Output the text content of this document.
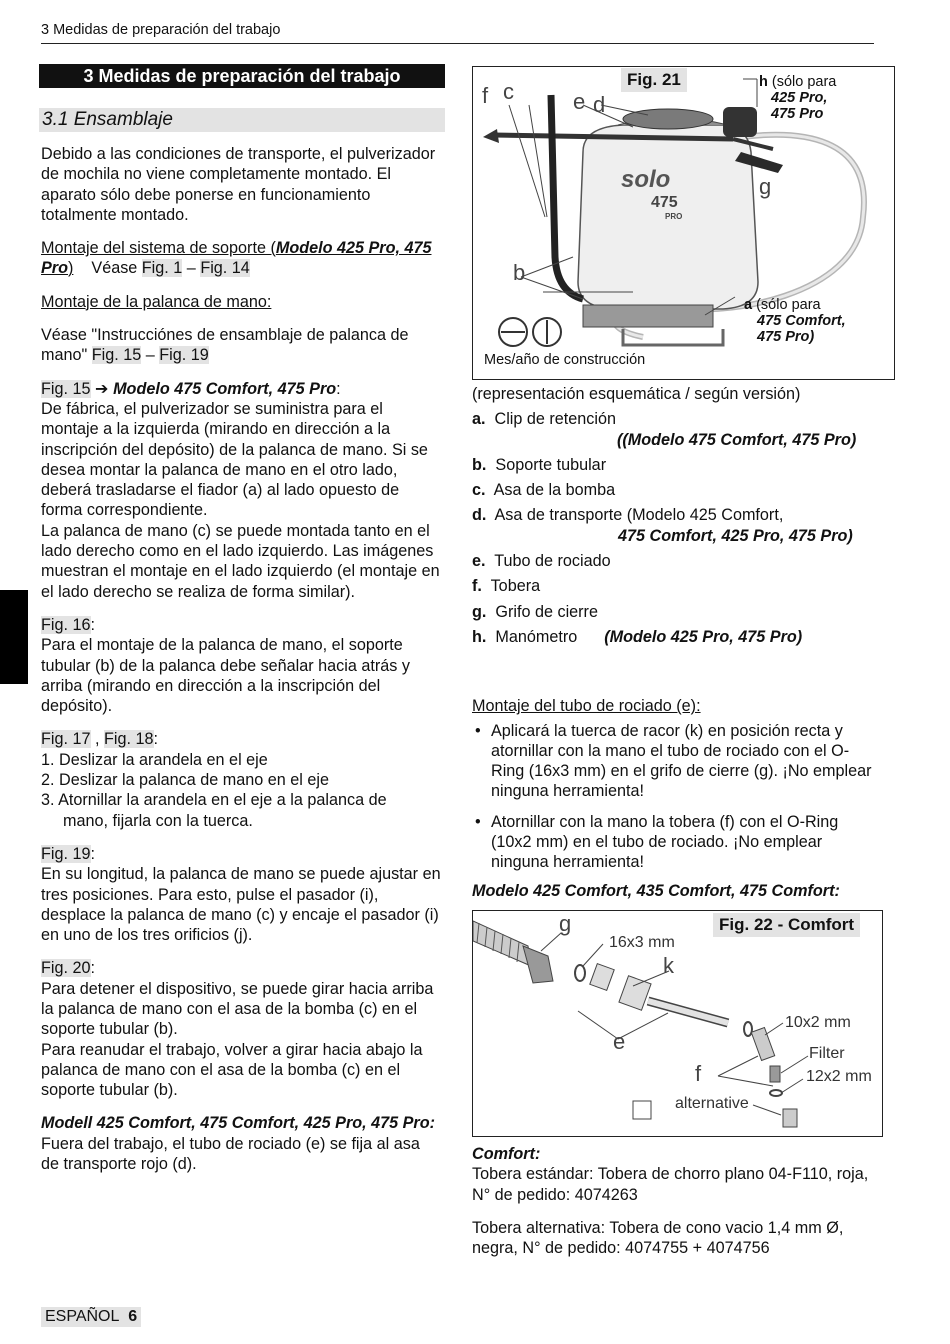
3 Medidas de preparación del trabajo
3 Medidas de preparación del trabajo
3.1 Ensamblaje

Debido a las condiciones de transporte, el pulverizador de mochila no viene completamente montado. El aparato sólo debe ponerse en funcionamiento totalmente montado.

Montaje del sistema de soporte (Modelo 425 Pro, 475 Pro) Véase Fig. 1 – Fig. 14

Montaje de la palanca de mano:

Véase "Instrucciónes de ensamblaje de palanca de mano" Fig. 15 – Fig. 19

Fig. 15 ➔ Modelo 475 Comfort, 475 Pro:
De fábrica, el pulverizador se suministra para el montaje a la izquierda (mirando en dirección a la inscripción del depósito) de la palanca de mano. Si se desea montar la palanca de mano en el otro lado, deberá trasladarse el fiador (a) al lado opuesto de forma correspondiente.
La palanca de mano (c) se puede montada tanto en el lado derecho como en el lado izquierdo. Las imágenes muestran el montaje en el lado izquierdo (el montaje en el lado derecho se realiza de forma similar).

Fig. 16:
Para el montaje de la palanca de mano, el soporte tubular (b) de la palanca debe señalar hacia atrás y arriba (mirando en dirección a la inscripción del depósito).

Fig. 17 , Fig. 18:
1. Deslizar la arandela en el eje
2. Deslizar la palanca de mano en el eje
3. Atornillar la arandela en el eje a la palanca de
mano, fijarla con la tuerca.

Fig. 19:
En su longitud, la palanca de mano se puede ajustar en tres posiciones. Para esto, pulse el pasador (i), desplace la palanca de mano (c) y encaje el pasador (i) en uno de los tres orificios (j).

Fig. 20:
Para detener el dispositivo, se puede girar hacia arriba la palanca de mano con el asa de la bomba (c) en el soporte tubular (b).
Para reanudar el trabajo, volver a girar hacia abajo la palanca de mano con el asa de la bomba (c) en el soporte tubular (b).

Modell 425 Comfort, 475 Comfort, 425 Pro, 475 Pro:
Fuera del trabajo, el tubo de rociado (e) se fija al asa de transporte rojo (d).

solo
475
PRO
Fig. 21
f c	e d
g
b
h (sólo para
425 Pro,
475 Pro
a (sólo para
475 Comfort,
475 Pro)
Mes/año de construcción

(representación esquemática / según versión)

a. Clip de retención

((Modelo 475 Comfort, 475 Pro)
b. Soporte tubular
c. Asa de la bomba
d. Asa de transporte (Modelo 425 Comfort,

475 Comfort, 425 Pro, 475 Pro)
e. Tubo de rociado
f. Tobera
g. Grifo de cierre
h. Manómetro (Modelo 425 Pro, 475 Pro)

Montaje del tubo de rociado (e):

• Aplicará la tuerca de racor (k) en posición recta y atornillar con la mano el tubo de rociado con el O-Ring (16x3 mm) en el grifo de cierre (g). ¡No emplear ninguna herramienta!
• Atornillar con la mano la tobera (f) con el O-Ring (10x2 mm) en el tubo de rociado. ¡No emplear ninguna herramienta!

Modelo 425 Comfort, 435 Comfort, 475 Comfort:

Fig. 22 - Comfort
g
16x3 mm
k
10x2 mm
Filter
12x2 mm
e
f
alternative

Comfort:

Tobera estándar: Tobera de chorro plano 04-F110, roja, N° de pedido: 4074263

Tobera alternativa: Tobera de cono vacio 1,4 mm Ø, negra, N° de pedido: 4074755 + 4074756

ESPAÑOL 6
